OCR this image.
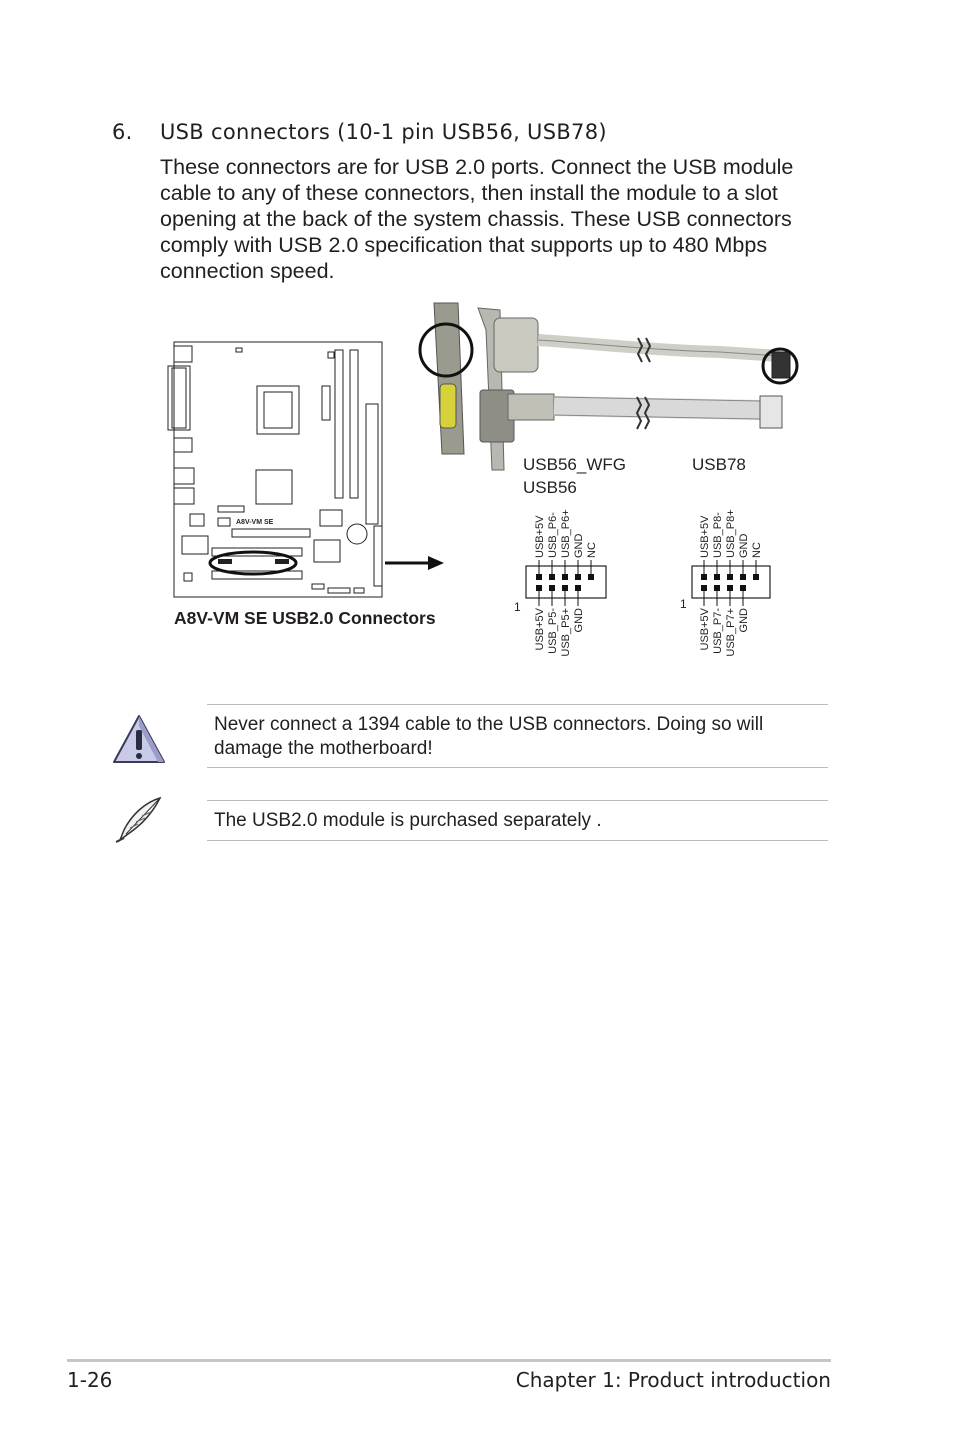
6. USB connectors (10-1 pin USB56, USB78)
These connectors are for USB 2.0 ports. Connect the USB module cable to any of these connectors, then install the module to a slot opening at the back of the system chassis. These USB connectors comply with USB 2.0 specification that supports up to 480 Mbps connection speed.
A8V-VM SE
A8V-VM SE USB2.0 Connectors
USB56_WFG
USB56
USB78
1	1
USB+5V USB_P6- USB_P6+ GND NC
USB+5V USB_P5- USB_P5+ GND
USB+5V USB_P8- USB_P8+ GND NC
USB+5V USB_P7- USB_P7+ GND
Never connect a 1394 cable to the USB connectors. Doing so will damage the motherboard!
The USB2.0 module is purchased separately .
1-26	Chapter 1: Product introduction
